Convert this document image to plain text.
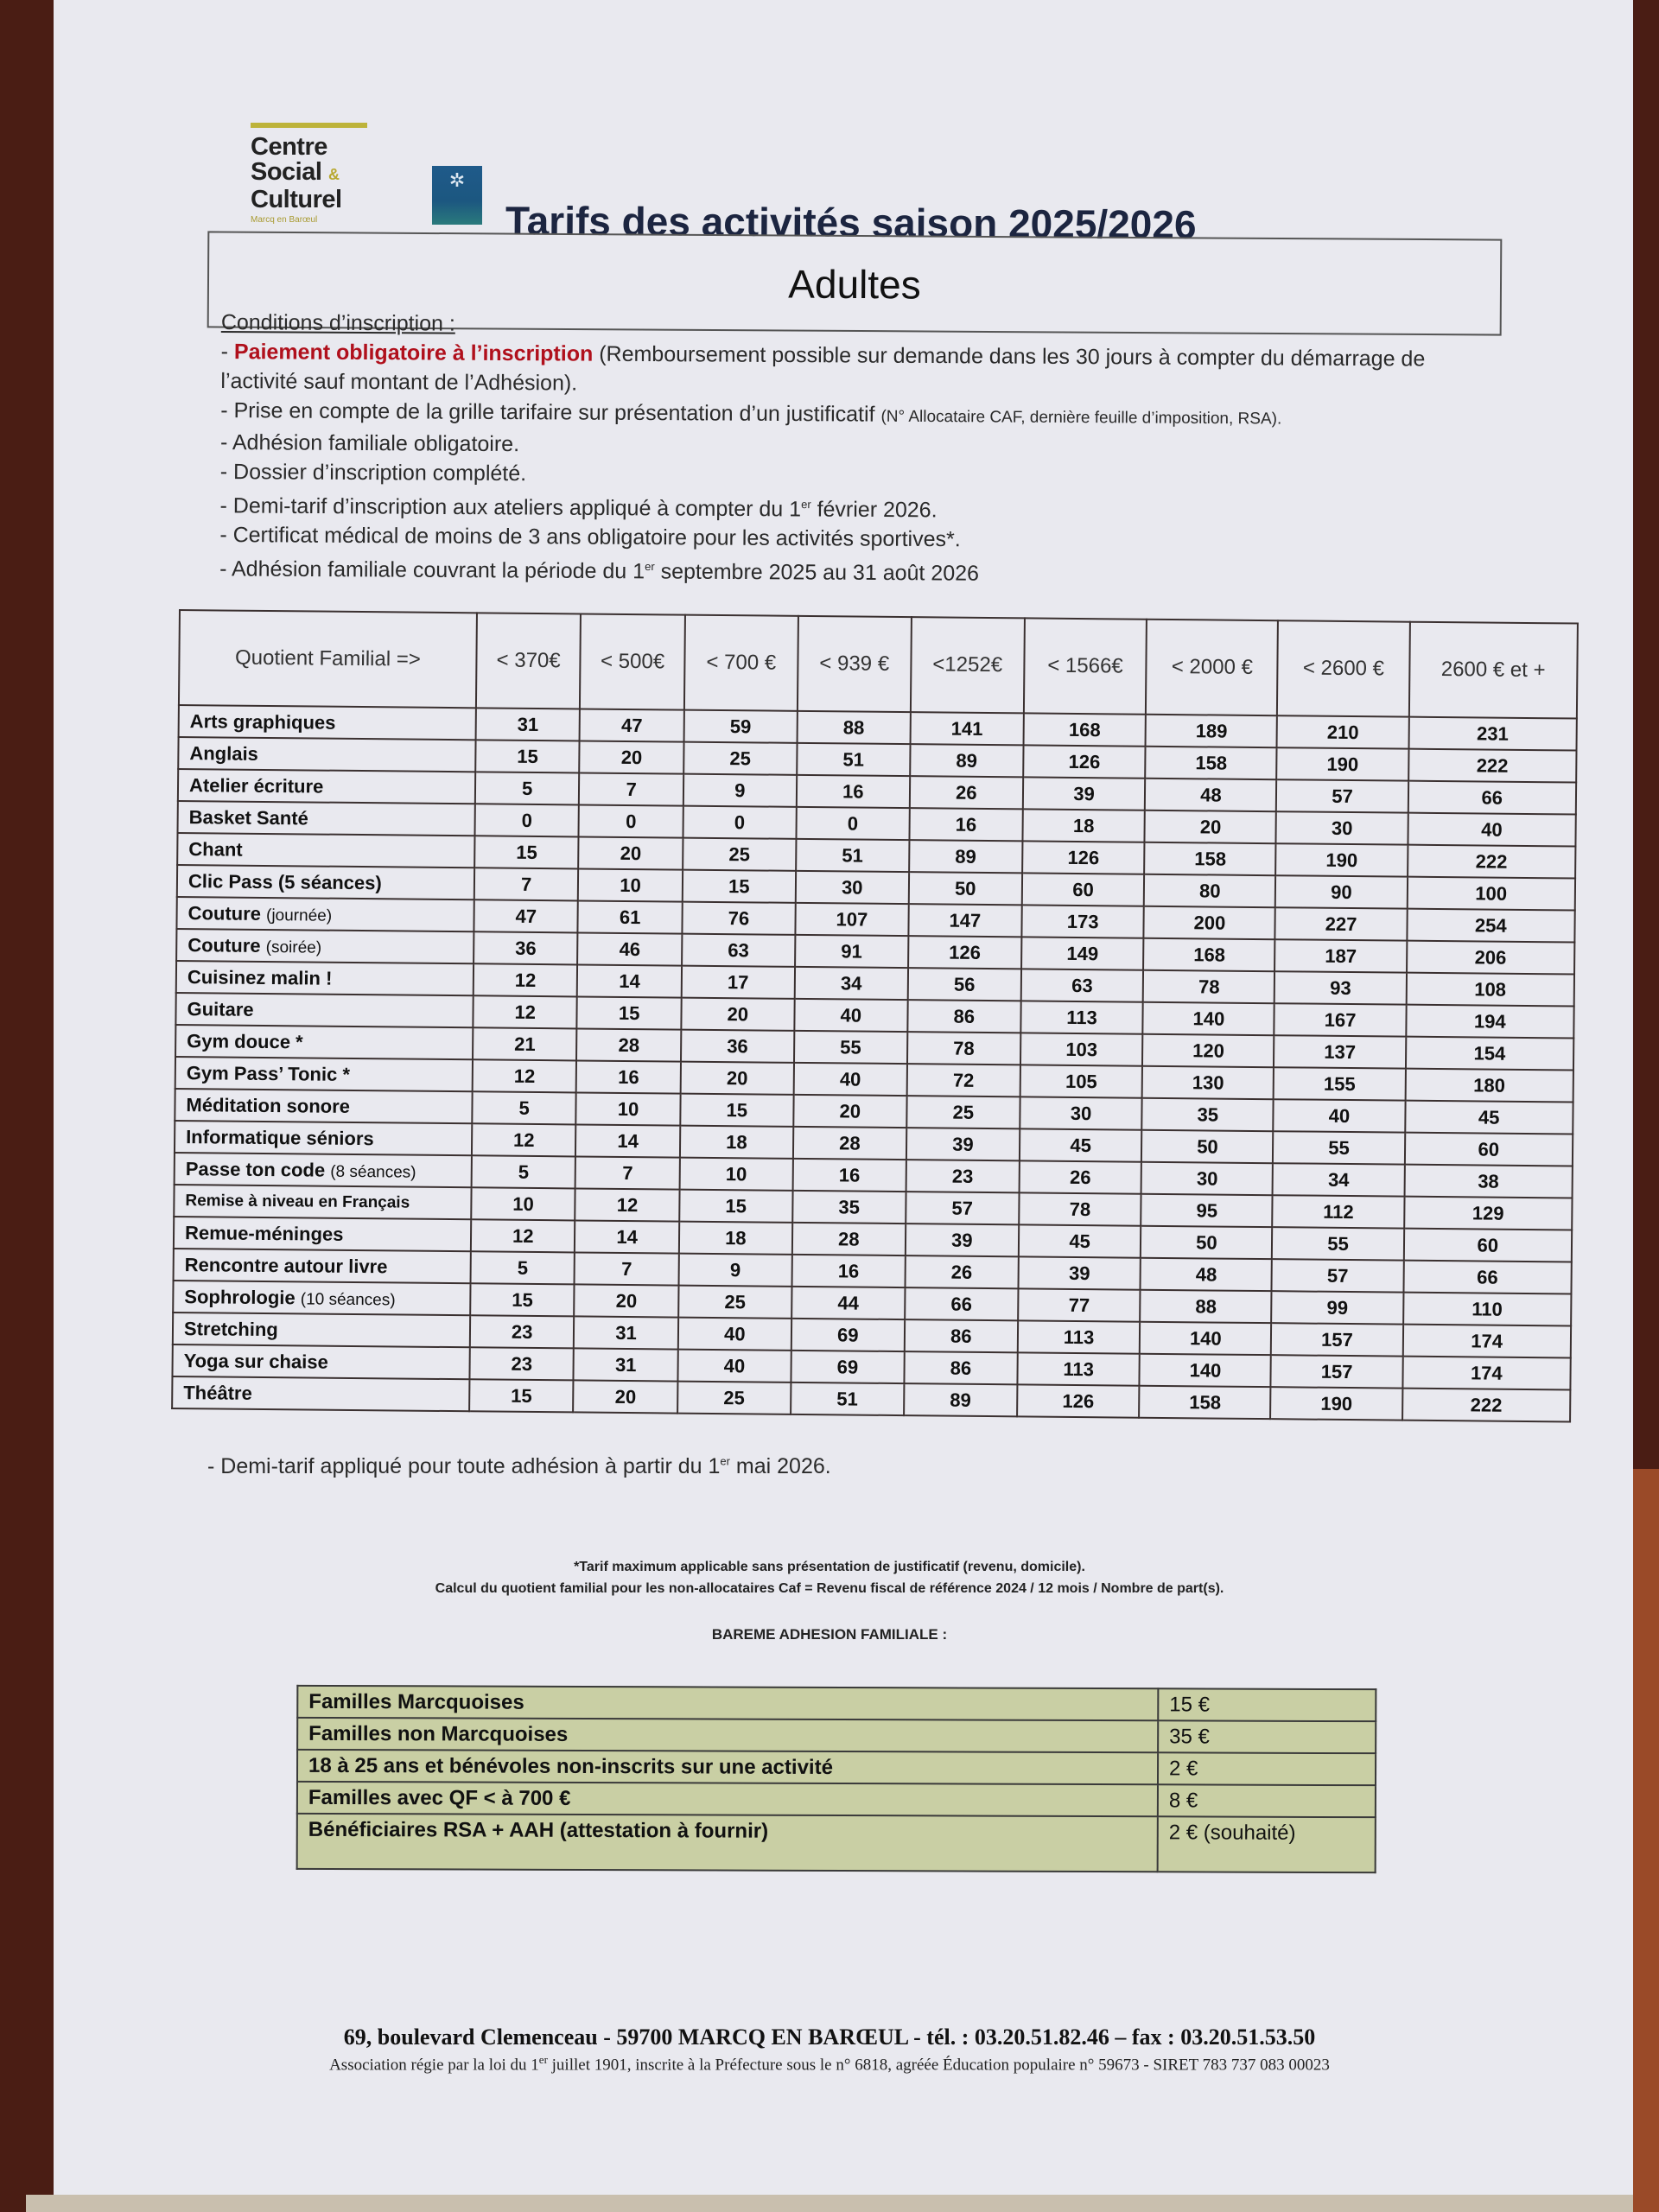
Centre
Social &
Culturel
Marcq en Barœul
✲
Tarifs des activités saison 2025/2026
Adultes
Conditions d’inscription :
- Paiement obligatoire à l’inscription (Remboursement possible sur demande dans les 30 jours à compter du démarrage de l’activité sauf montant de l’Adhésion).
- Prise en compte de la grille tarifaire sur présentation d’un justificatif (N° Allocataire CAF, dernière feuille d’imposition, RSA).
- Adhésion familiale obligatoire.
- Dossier d’inscription complété.
- Demi-tarif d’inscription aux ateliers appliqué à compter du 1er février 2026.
- Certificat médical de moins de 3 ans obligatoire pour les activités sportives*.
- Adhésion familiale couvrant la période du 1er septembre 2025 au 31 août 2026
Quotient Familial =>	< 370€	< 500€	< 700 €	< 939 €	<1252€	< 1566€	< 2000 €	< 2600 €	2600 € et +
Arts graphiques	31	47	59	88	141	168	189	210	231
Anglais	15	20	25	51	89	126	158	190	222
Atelier écriture	5	7	9	16	26	39	48	57	66
Basket Santé	0	0	0	0	16	18	20	30	40
Chant	15	20	25	51	89	126	158	190	222
Clic Pass (5 séances)	7	10	15	30	50	60	80	90	100
Couture (journée)	47	61	76	107	147	173	200	227	254
Couture (soirée)	36	46	63	91	126	149	168	187	206
Cuisinez malin !	12	14	17	34	56	63	78	93	108
Guitare	12	15	20	40	86	113	140	167	194
Gym douce *	21	28	36	55	78	103	120	137	154
Gym Pass’ Tonic *	12	16	20	40	72	105	130	155	180
Méditation sonore	5	10	15	20	25	30	35	40	45
Informatique séniors	12	14	18	28	39	45	50	55	60
Passe ton code (8 séances)	5	7	10	16	23	26	30	34	38
Remise à niveau en Français	10	12	15	35	57	78	95	112	129
Remue-méninges	12	14	18	28	39	45	50	55	60
Rencontre autour livre	5	7	9	16	26	39	48	57	66
Sophrologie (10 séances)	15	20	25	44	66	77	88	99	110
Stretching	23	31	40	69	86	113	140	157	174
Yoga sur chaise	23	31	40	69	86	113	140	157	174
Théâtre	15	20	25	51	89	126	158	190	222
- Demi-tarif appliqué pour toute adhésion à partir du 1er mai 2026.
*Tarif maximum applicable sans présentation de justificatif (revenu, domicile).
Calcul du quotient familial pour les non-allocataires Caf = Revenu fiscal de référence 2024 / 12 mois / Nombre de part(s).
BAREME ADHESION FAMILIALE :
Familles Marcquoises	15 €
Familles non Marcquoises	35 €
18 à 25 ans et bénévoles non-inscrits sur une activité	2 €
Familles avec QF < à 700 €	8 €
Bénéficiaires RSA + AAH (attestation à fournir)	2 € (souhaité)
69, boulevard Clemenceau - 59700 MARCQ EN BARŒUL - tél. : 03.20.51.82.46 – fax : 03.20.51.53.50
Association régie par la loi du 1er juillet 1901, inscrite à la Préfecture sous le n° 6818, agréée Éducation populaire n° 59673 - SIRET 783 737 083 00023
